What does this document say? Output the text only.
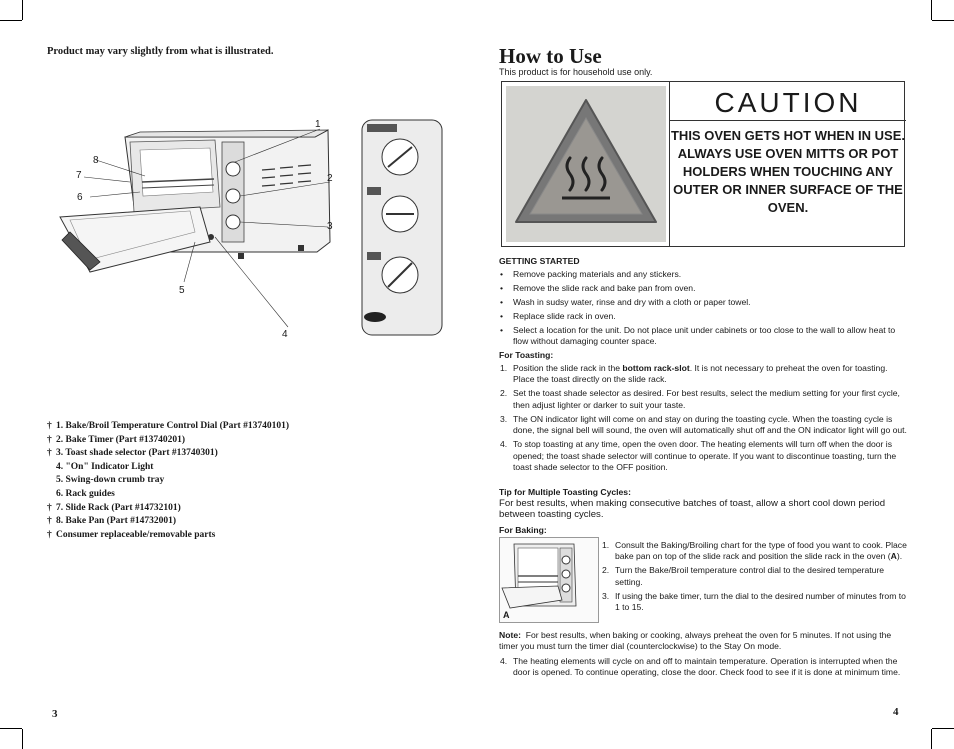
Product may vary slightly from what is illustrated.
1
2
3
4
5
6
7
8
† 1. Bake/Broil Temperature Control Dial (Part #13740101)
† 2. Bake Timer (Part #13740201)
† 3. Toast shade selector (Part #13740301)
4. "On" Indicator Light
5. Swing-down crumb tray
6. Rack guides
† 7. Slide Rack (Part #14732101)
† 8. Bake Pan (Part #14732001)
† Consumer replaceable/removable parts
3
How to Use
This product is for household use only.
CAUTION
THIS OVEN GETS HOT WHEN IN USE. ALWAYS USE OVEN MITTS OR POT HOLDERS WHEN TOUCHING ANY OUTER OR INNER SURFACE OF THE OVEN.
GETTING STARTED
• Remove packing materials and any stickers.
• Remove the slide rack and bake pan from oven.
• Wash in sudsy water, rinse and dry with a cloth or paper towel.
• Replace slide rack in oven.
• Select a location for the unit. Do not place unit under cabinets or too close to the wall to allow heat to flow without damaging counter space.
For Toasting:
1. Position the slide rack in the bottom rack-slot. It is not necessary to preheat the oven for toasting. Place the toast directly on the slide rack.
2. Set the toast shade selector as desired. For best results, select the medium setting for your first cycle, then adjust lighter or darker to suit your taste.
3. The ON indicator light will come on and stay on during the toasting cycle. When the toasting cycle is done, the signal bell will sound, the oven will automatically shut off and the ON indicator light will go out.
4. To stop toasting at any time, open the oven door. The heating elements will turn off when the door is opened; the toast shade selector will continue to operate. If you want to discontinue toasting, turn the toast shade selector to the OFF position.
Tip for Multiple Toasting Cycles:
For best results, when making consecutive batches of toast, allow a short cool down period between toasting cycles.
For Baking:
A
1. Consult the Baking/Broiling chart for the type of food you want to cook. Place bake pan on top of the slide rack and position the slide rack in the oven (A).
2. Turn the Bake/Broil temperature control dial to the desired temperature setting.
3. If using the bake timer, turn the dial to the desired number of minutes from to 1 to 15.
Note: For best results, when baking or cooking, always preheat the oven for 5 minutes. If not using the timer you must turn the timer dial (counterclockwise) to the Stay On mode.
4. The heating elements will cycle on and off to maintain temperature. Operation is interrupted when the door is opened. To continue operating, close the door. Check food to see if it is done at minimum time.
4
